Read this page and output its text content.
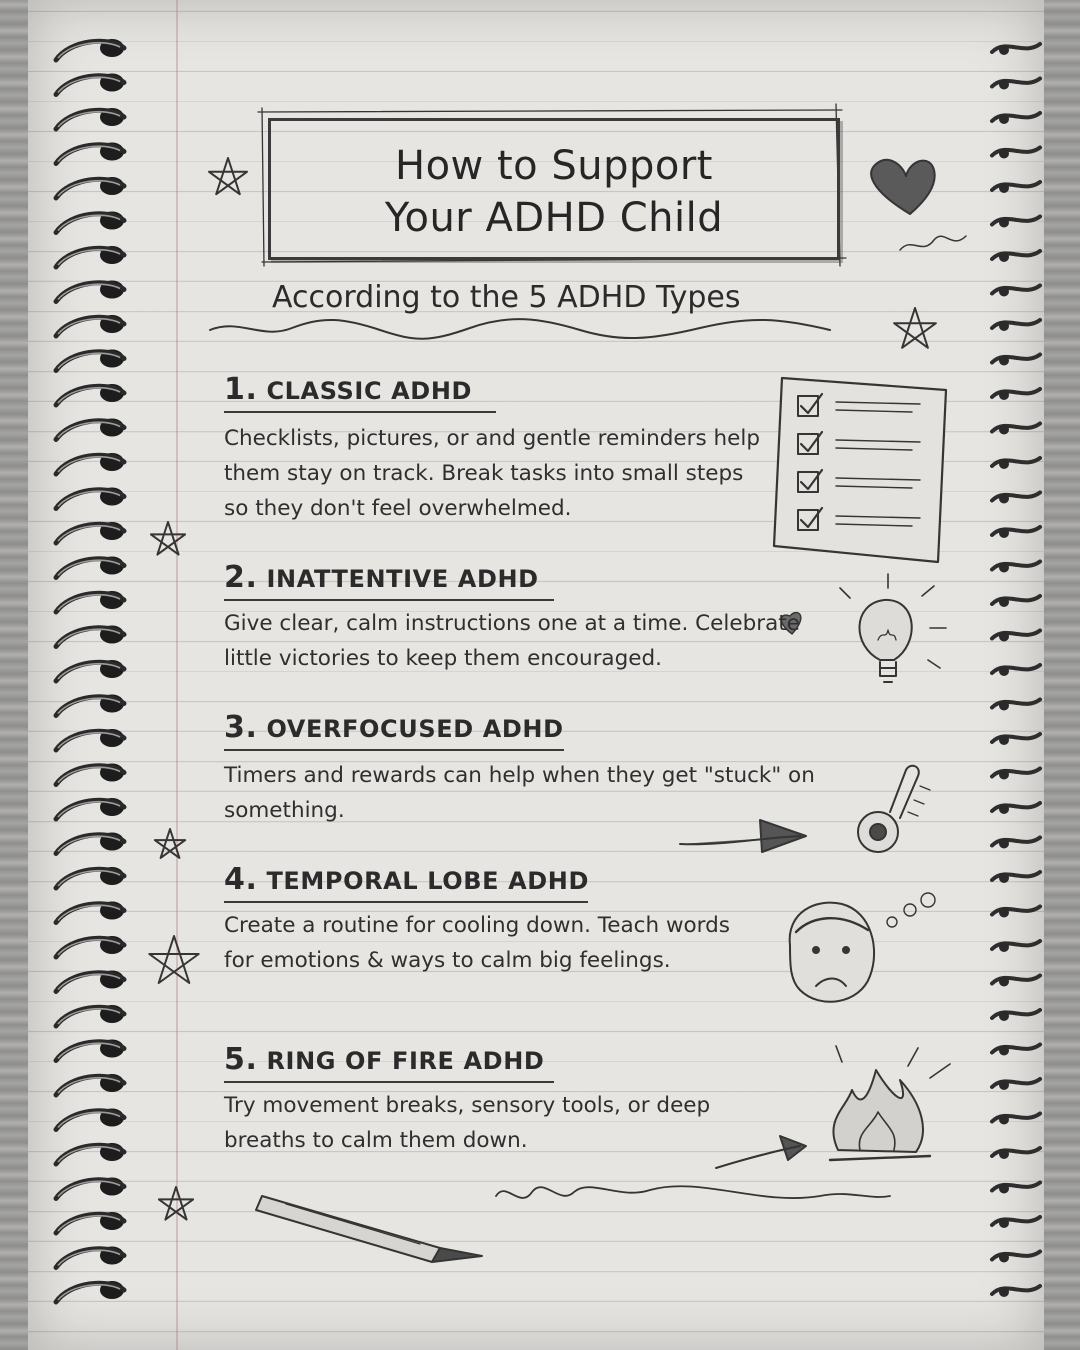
How to Support
Your ADHD Child
According to the 5 ADHD Types
1. CLASSIC ADHD
Checklists, pictures, or and gentle reminders help them stay on track. Break tasks into small steps so they don't feel overwhelmed.
2. INATTENTIVE ADHD
Give clear, calm instructions one at a time. Celebrate little victories to keep them encouraged.
3. OVERFOCUSED ADHD
Timers and rewards can help when they get "stuck" on something.
4. TEMPORAL LOBE ADHD
Create a routine for cooling down. Teach words for emotions & ways to calm big feelings.
5. RING OF FIRE ADHD
Try movement breaks, sensory tools, or deep breaths to calm them down.
